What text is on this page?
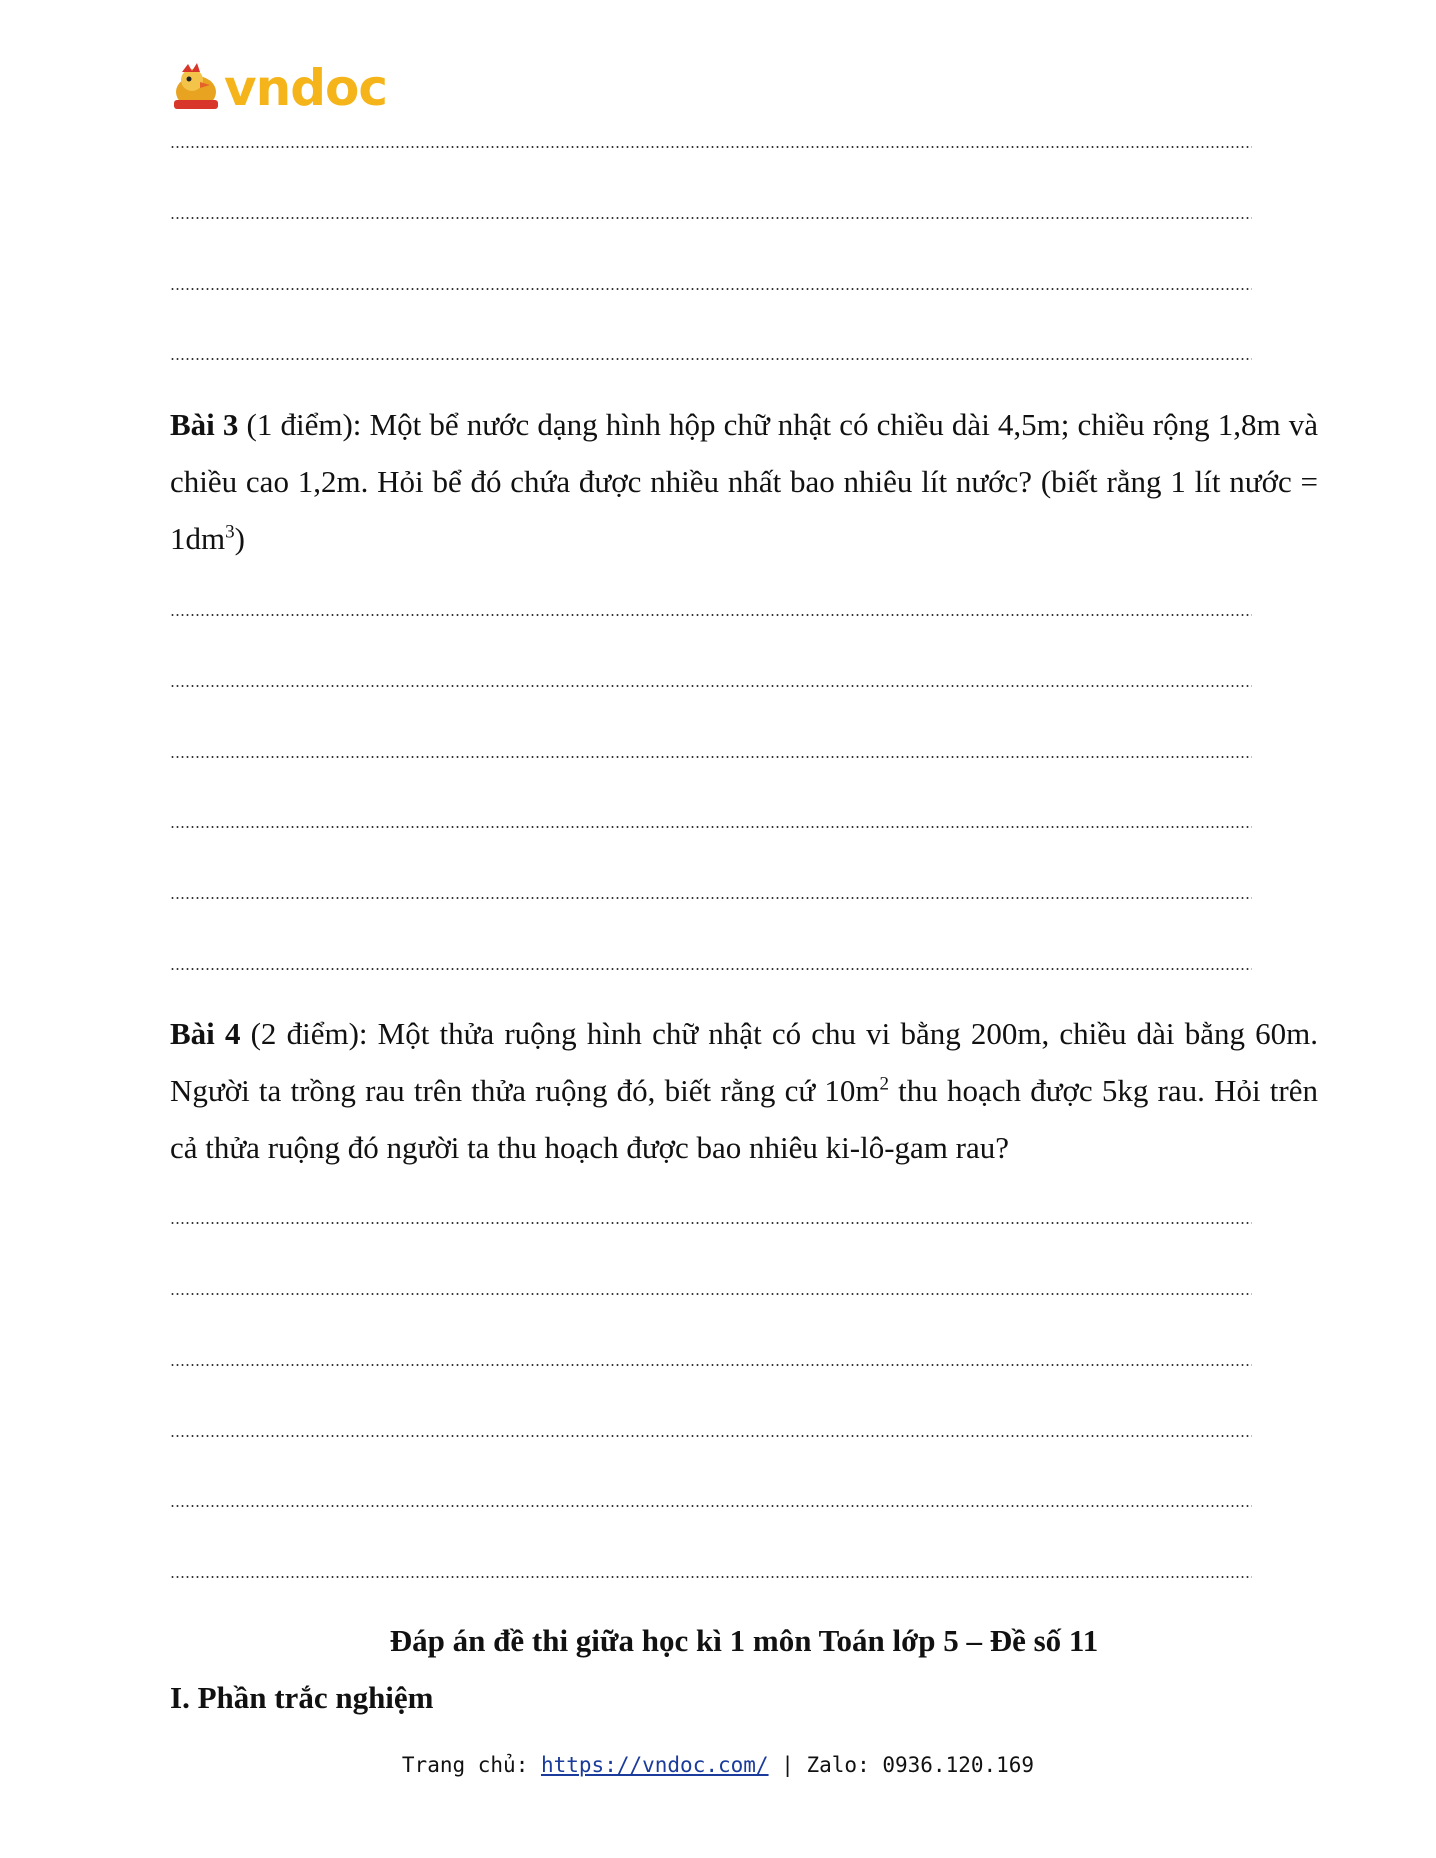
vndoc
Bài 3 (1 điểm): Một bể nước dạng hình hộp chữ nhật có chiều dài 4,5m; chiều rộng 1,8m và chiều cao 1,2m. Hỏi bể đó chứa được nhiều nhất bao nhiêu lít nước? (biết rằng 1 lít nước = $1dm^3$)
Bài 4 (2 điểm): Một thửa ruộng hình chữ nhật có chu vi bằng 200m, chiều dài bằng 60m. Người ta trồng rau trên thửa ruộng đó, biết rằng cứ $10m^2$ thu hoạch được 5kg rau. Hỏi trên cả thửa ruộng đó người ta thu hoạch được bao nhiêu ki-lô-gam rau?
Đáp án đề thi giữa học kì 1 môn Toán lớp 5 – Đề số 11
I. Phần trắc nghiệm
Trang chủ: https://vndoc.com/ | Zalo: 0936.120.169
